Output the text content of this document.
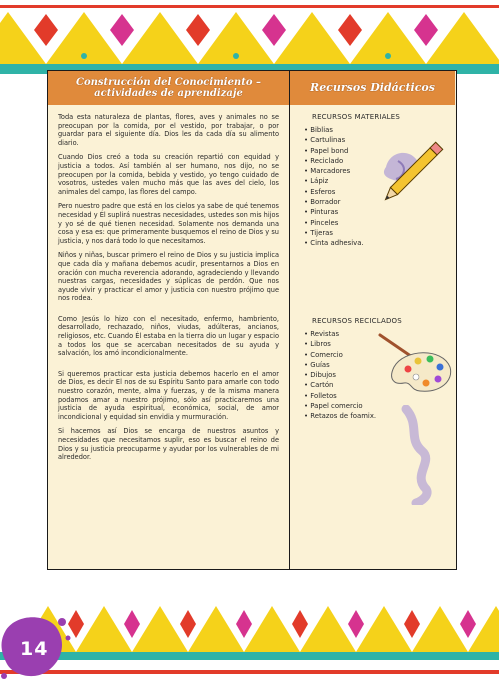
Construcción del Conocimiento –
actividades de aprendizaje	Recursos Didácticos

Toda esta naturaleza de plantas, flores, aves y animales no se preocupan por la comida, por el vestido, por trabajar, o por guardar para el siguiente día. Dios les da cada día su alimento diario.

Cuando Dios creó a toda su creación repartió con equidad y justicia a todos. Así también al ser humano, nos dijo, no se preocupen por la comida, bebida y vestido, yo tengo cuidado de vosotros, ustedes valen mucho más que las aves del cielo, los animales del campo, las flores del campo.

Pero nuestro padre que está en los cielos ya sabe de qué tenemos necesidad y Él suplirá nuestras necesidades, ustedes son mis hijos y yo sé de qué tienen necesidad. Solamente nos demanda una cosa y esa es: que primeramente busquemos el reino de Dios y su justicia, y nos dará todo lo que necesitamos.

Niños y niñas, buscar primero el reino de Dios y su justicia implica que cada día y mañana debemos acudir, presentarnos a Dios en oración con mucha reverencia adorando, agradeciendo y llevando nuestras cargas, necesidades y súplicas de perdón. Que nos ayude vivir y practicar el amor y justicia con nuestro prójimo que nos rodea.

Como Jesús lo hizo con el necesitado, enfermo, hambriento, desarrollado, rechazado, niños, viudas, adúlteras, ancianos, religiosos, etc. Cuando Él estaba en la tierra dio un lugar y espacio a todos los que se acercaban necesitados de su ayuda y salvación, los amó incondicionalmente.

Si queremos practicar esta justicia debemos hacerlo en el amor de Dios, es decir El nos de su Espíritu Santo para amarle con todo nuestro corazón, mente, alma y fuerzas, y de la misma manera podamos amar a nuestro prójimo, sólo así practicaremos una justicia de ayuda espiritual, económica, social, de amor incondicional y equidad sin envidia y murmuración.

Si hacemos así Dios se encarga de nuestros asuntos y necesidades que necesitamos suplir, eso es buscar el reino de Dios y su justicia preocuparme y ayudar por los vulnerables de mi alrededor.

RECURSOS MATERIALES
• Biblias
• Cartulinas
• Papel bond
• Reciclado
• Marcadores
• Lápiz
• Esferos
• Borrador
• Pinturas
• Pinceles
• Tijeras
• Cinta adhesiva.
RECURSOS RECICLADOS
• Revistas
• Libros
• Comercio
• Guías
• Dibujos
• Cartón
• Folletos
• Papel comercio
• Retazos de foamix.
14
